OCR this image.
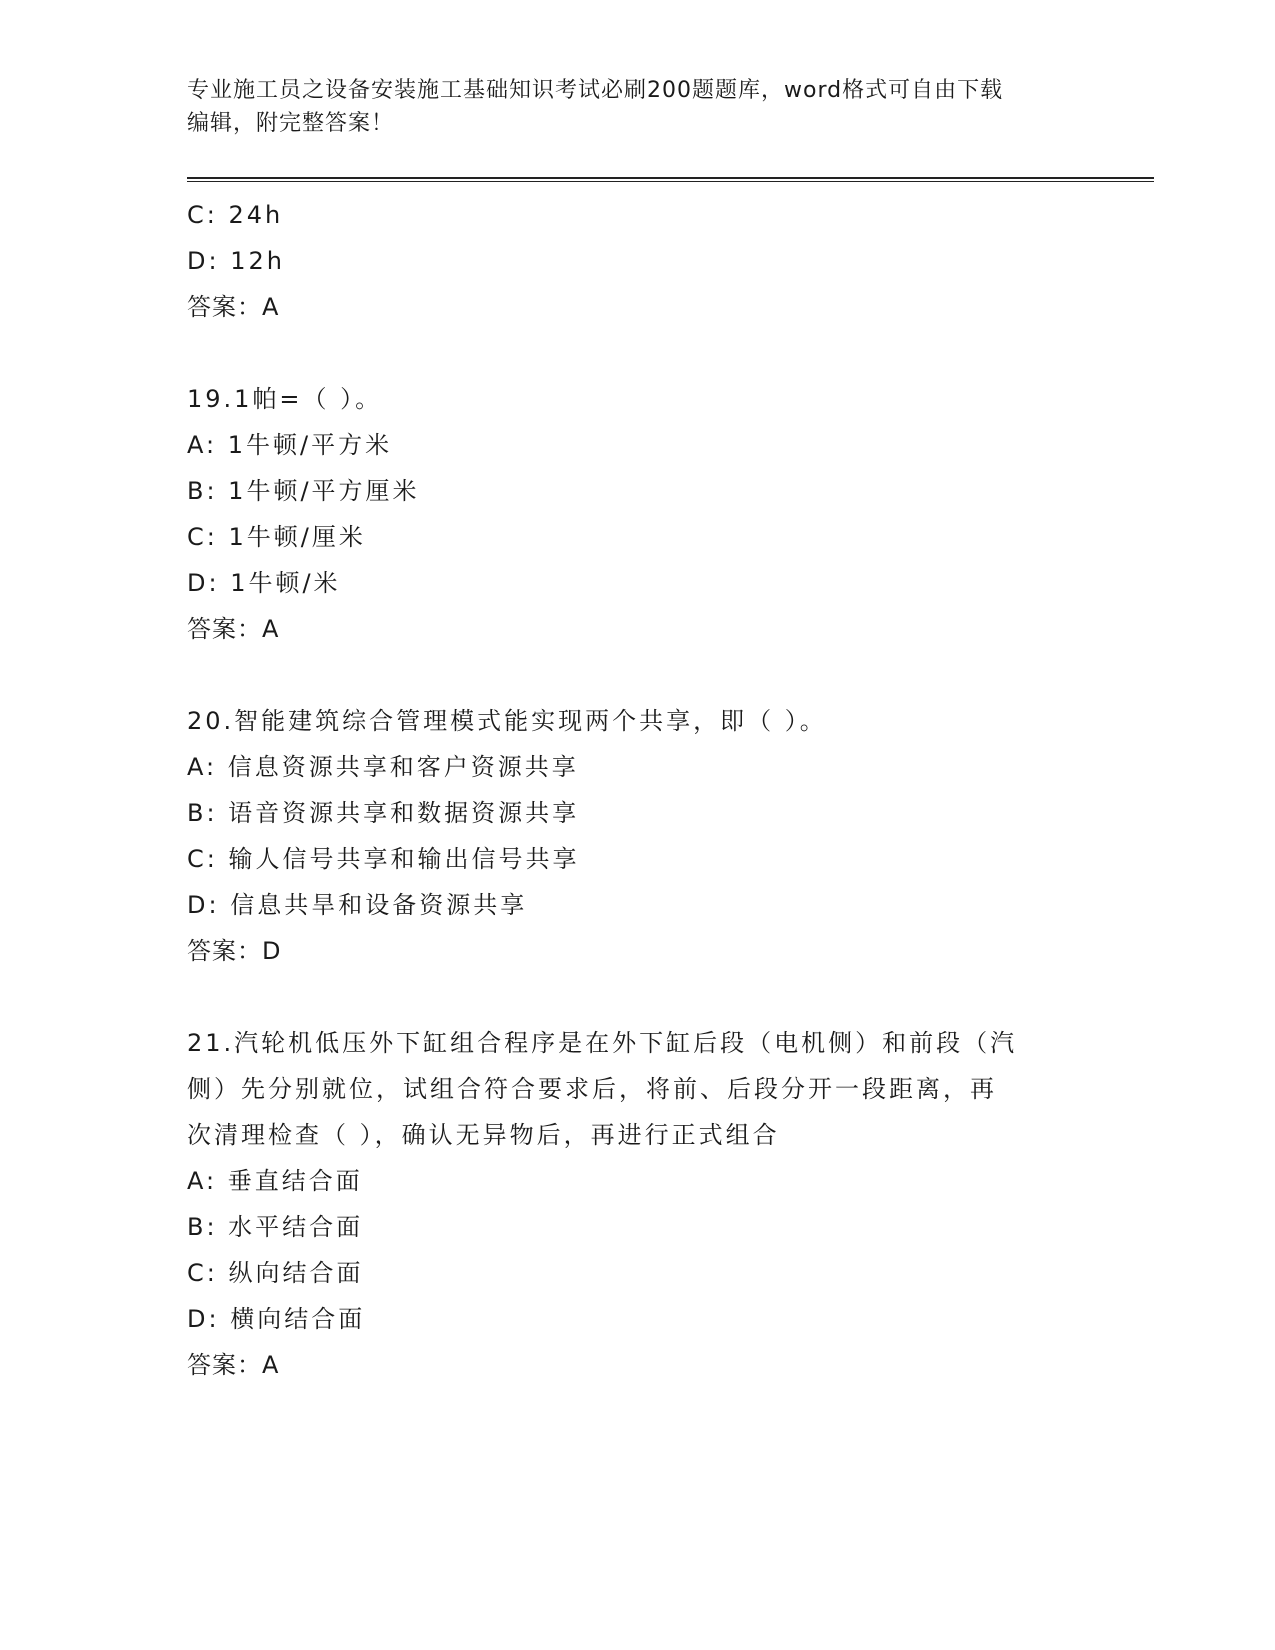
专业施工员之设备安装施工基础知识考试必刷200题题库，word格式可自由下载
编辑，附完整答案！
C: 24h
D: 12h
答案：A
19.1帕=（ ）。
A: 1牛顿/平方米
B: 1牛顿/平方厘米
C: 1牛顿/厘米
D: 1牛顿/米
答案：A
20.智能建筑综合管理模式能实现两个共享，即（ ）。
A: 信息资源共享和客户资源共享
B: 语音资源共享和数据资源共享
C: 输人信号共享和输出信号共享
D: 信息共旱和设备资源共享
答案：D
21.汽轮机低压外下缸组合程序是在外下缸后段（电机侧）和前段（汽
侧）先分别就位，试组合符合要求后，将前、后段分开一段距离，再
次清理检查（ ），确认无异物后，再进行正式组合
A: 垂直结合面
B: 水平结合面
C: 纵向结合面
D: 横向结合面
答案：A
